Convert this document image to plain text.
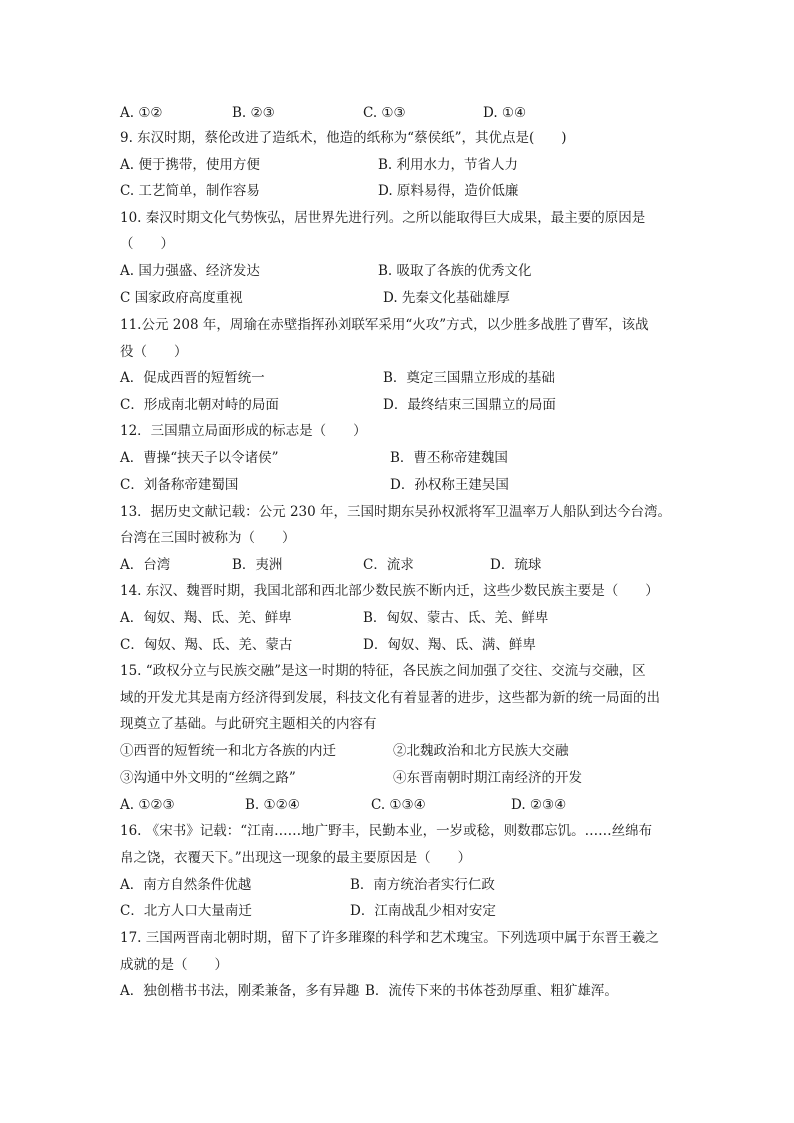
A. ①②	B. ②③	C. ①③	D. ①④
9. 东汉时期，蔡伦改进了造纸术，他造的纸称为“蔡侯纸”，其优点是(　　)
A. 便于携带，使用方便	B. 利用水力，节省人力
C. 工艺简单，制作容易	D. 原料易得，造价低廉
10. 秦汉时期文化气势恢弘，居世界先进行列。之所以能取得巨大成果，最主要的原因是
（　　）
A. 国力强盛、经济发达	B. 吸取了各族的优秀文化
C 国家政府高度重视	D. 先秦文化基础雄厚
11.公元 208 年，周瑜在赤壁指挥孙刘联军采用“火攻”方式，以少胜多战胜了曹军，该战
役（　　）
A．促成西晋的短暂统一	B．奠定三国鼎立形成的基础
C．形成南北朝对峙的局面	D．最终结束三国鼎立的局面
12．三国鼎立局面形成的标志是（　　）
A．曹操“挟天子以令诸侯”	B．曹丕称帝建魏国
C．刘备称帝建蜀国	D．孙权称王建吴国
13．据历史文献记载：公元 230 年，三国时期东吴孙权派将军卫温率万人船队到达今台湾。
台湾在三国时被称为（　　）
A．台湾	B．夷洲	C．流求	D．琉球
14. 东汉、魏晋时期，我国北部和西北部少数民族不断内迁，这些少数民族主要是（　　）
A．匈奴、羯、氐、羌、鲜卑	B．匈奴、蒙古、氐、羌、鲜卑
C．匈奴、羯、氐、羌、蒙古	D．匈奴、羯、氐、满、鲜卑
15. “政权分立与民族交融”是这一时期的特征，各民族之间加强了交往、交流与交融，区
域的开发尤其是南方经济得到发展，科技文化有着显著的进步，这些都为新的统一局面的出
现奠立了基础。与此研究主题相关的内容有
①西晋的短暂统一和北方各族的内迁	②北魏政治和北方民族大交融
③沟通中外文明的“丝绸之路”	④东晋南朝时期江南经济的开发
A. ①②③	B. ①②④	C. ①③④	D. ②③④
16. 《宋书》记载：“江南……地广野丰，民勤本业，一岁或稔，则数郡忘饥。……丝绵布
帛之饶，衣覆天下。”出现这一现象的最主要原因是（　　）
A．南方自然条件优越	B．南方统治者实行仁政
C．北方人口大量南迁	D．江南战乱少相对安定
17. 三国两晋南北朝时期，留下了许多璀璨的科学和艺术瑰宝。下列选项中属于东晋王羲之
成就的是（　　）
A．独创楷书书法，刚柔兼备，多有异趣 B．流传下来的书体苍劲厚重、粗犷雄浑。
